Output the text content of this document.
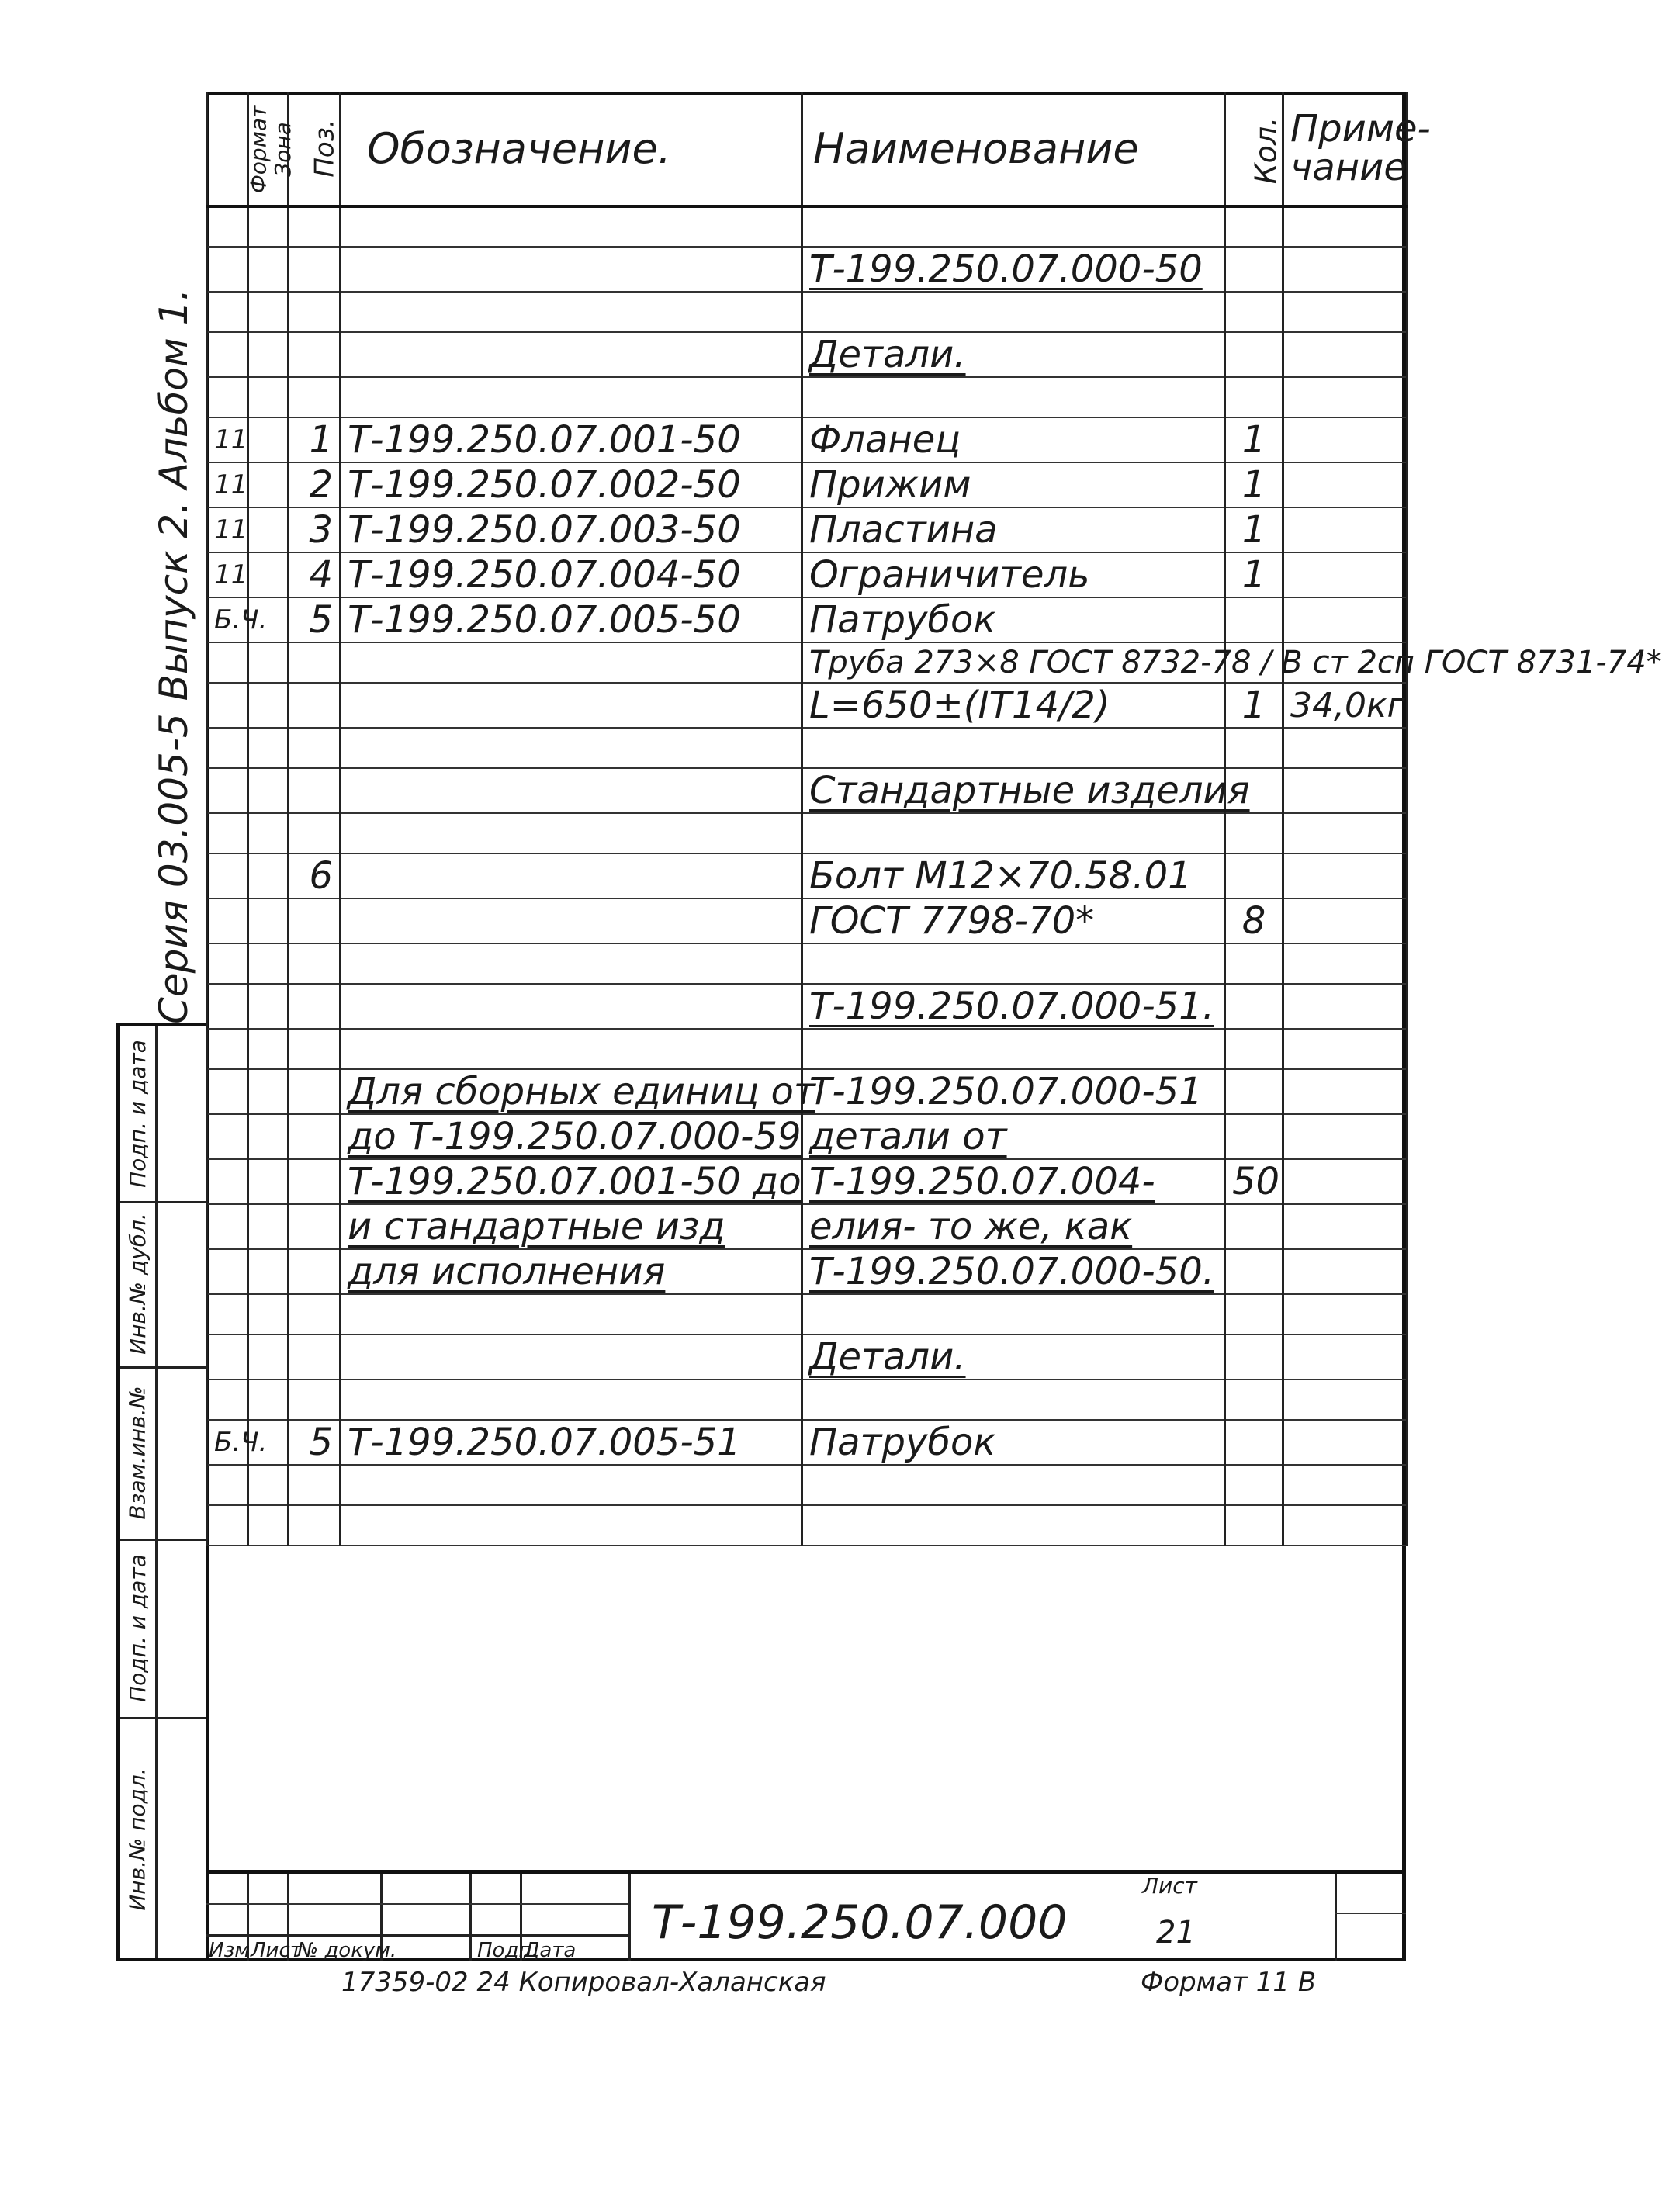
Формат	Зона	Поз.	Обозначение.	Наименование	Кол.	Приме-
чание

				Т-199.250.07.000-50		

				Детали.		

11		1	Т-199.250.07.001-50	Фланец	1	
11		2	Т-199.250.07.002-50	Прижим	1	
11		3	Т-199.250.07.003-50	Пластина	1	
11		4	Т-199.250.07.004-50	Ограничитель	1	
Б.Ч.		5	Т-199.250.07.005-50	Патрубок		
				Труба 273×8 ГОСТ 8732-78 / В ст 2сп ГОСТ 8731-74*		
				L=650±(IT14/2)	1	34,0кг

				Стандартные изделия		

		6		Болт М12×70.58.01		
				ГОСТ 7798-70*	8	

				Т-199.250.07.000-51.		

			Для сборных единиц от	Т-199.250.07.000-51		
			до Т-199.250.07.000-59	детали от		
			Т-199.250.07.001-50 до	Т-199.250.07.004-	50	
			и стандартные изд	елия- то же, как		
			для исполнения	Т-199.250.07.000-50.		

				Детали.		

Б.Ч.		5	Т-199.250.07.005-51	Патрубок		

Изм Лист
№ докум.	Подп.
Дата
Т-199.250.07.000
Лист
21
Подп. и дата
Инв.№ дубл.
Взам.инв.№
Подп. и дата
Инв.№ подл.
Серия 03.005-5 Выпуск 2. Альбом 1.
17359-02 24 Копировал-Халанская	Формат 11 В
